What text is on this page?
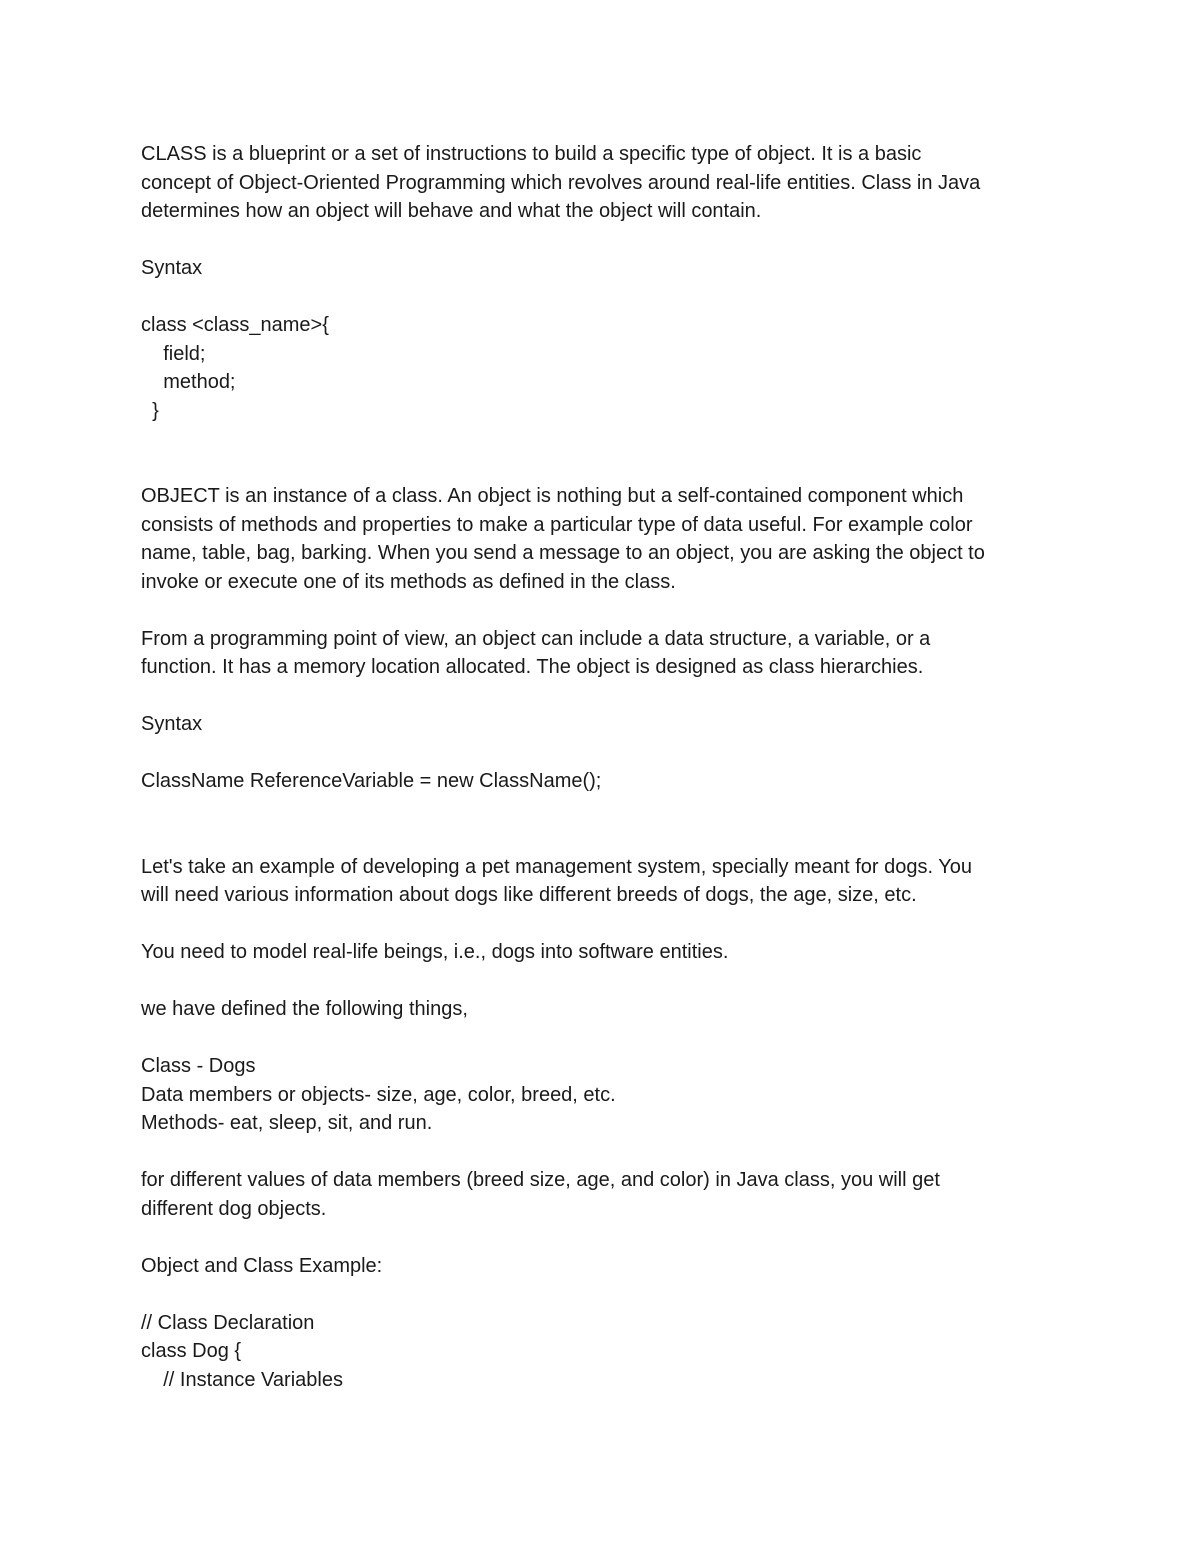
CLASS is a blueprint or a set of instructions to build a specific type of object. It is a basic
concept of Object-Oriented Programming which revolves around real-life entities. Class in Java
determines how an object will behave and what the object will contain.
Syntax
class <class_name>{
field;
method;
}
OBJECT is an instance of a class. An object is nothing but a self-contained component which
consists of methods and properties to make a particular type of data useful. For example color
name, table, bag, barking. When you send a message to an object, you are asking the object to
invoke or execute one of its methods as defined in the class.
From a programming point of view, an object can include a data structure, a variable, or a
function. It has a memory location allocated. The object is designed as class hierarchies.
Syntax
ClassName ReferenceVariable = new ClassName();
Let's take an example of developing a pet management system, specially meant for dogs. You
will need various information about dogs like different breeds of dogs, the age, size, etc.
You need to model real-life beings, i.e., dogs into software entities.
we have defined the following things,
Class - Dogs
Data members or objects- size, age, color, breed, etc.
Methods- eat, sleep, sit, and run.
for different values of data members (breed size, age, and color) in Java class, you will get
different dog objects.
Object and Class Example:
// Class Declaration
class Dog {
// Instance Variables
